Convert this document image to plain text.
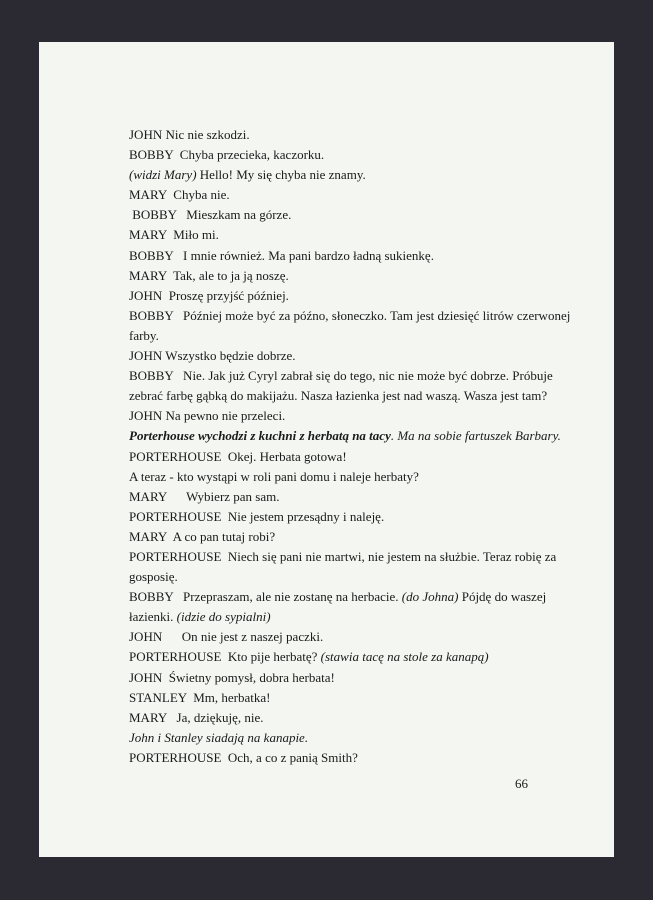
JOHN Nic nie szkodzi.
BOBBY  Chyba przecieka, kaczorku.
(widzi Mary) Hello! My się chyba nie znamy.
MARY  Chyba nie.
BOBBY   Mieszkam na górze.
MARY  Miło mi.
BOBBY   I mnie również. Ma pani bardzo ładną sukienkę.
MARY  Tak, ale to ja ją noszę.
JOHN  Proszę przyjść później.
BOBBY   Później może być za późno, słoneczko. Tam jest dziesięć litrów czerwonej
farby.
JOHN Wszystko będzie dobrze.
BOBBY   Nie. Jak już Cyryl zabrał się do tego, nic nie może być dobrze. Próbuje
zebrać farbę gąbką do makijażu. Nasza łazienka jest nad waszą. Wasza jest tam?
JOHN Na pewno nie przeleci.
Porterhouse wychodzi z kuchni z herbatą na tacy. Ma na sobie fartuszek Barbary.
PORTERHOUSE  Okej. Herbata gotowa!
A teraz - kto wystąpi w roli pani domu i naleje herbaty?
MARY      Wybierz pan sam.
PORTERHOUSE  Nie jestem przesądny i naleję.
MARY  A co pan tutaj robi?
PORTERHOUSE  Niech się pani nie martwi, nie jestem na służbie. Teraz robię za
gosposię.
BOBBY   Przepraszam, ale nie zostanę na herbacie. (do Johna) Pójdę do waszej
łazienki. (idzie do sypialni)
JOHN      On nie jest z naszej paczki.
PORTERHOUSE  Kto pije herbatę? (stawia tacę na stole za kanapą)
JOHN  Świetny pomysł, dobra herbata!
STANLEY  Mm, herbatka!
MARY   Ja, dziękuję, nie.
John i Stanley siadają na kanapie.
PORTERHOUSE  Och, a co z panią Smith?
66
